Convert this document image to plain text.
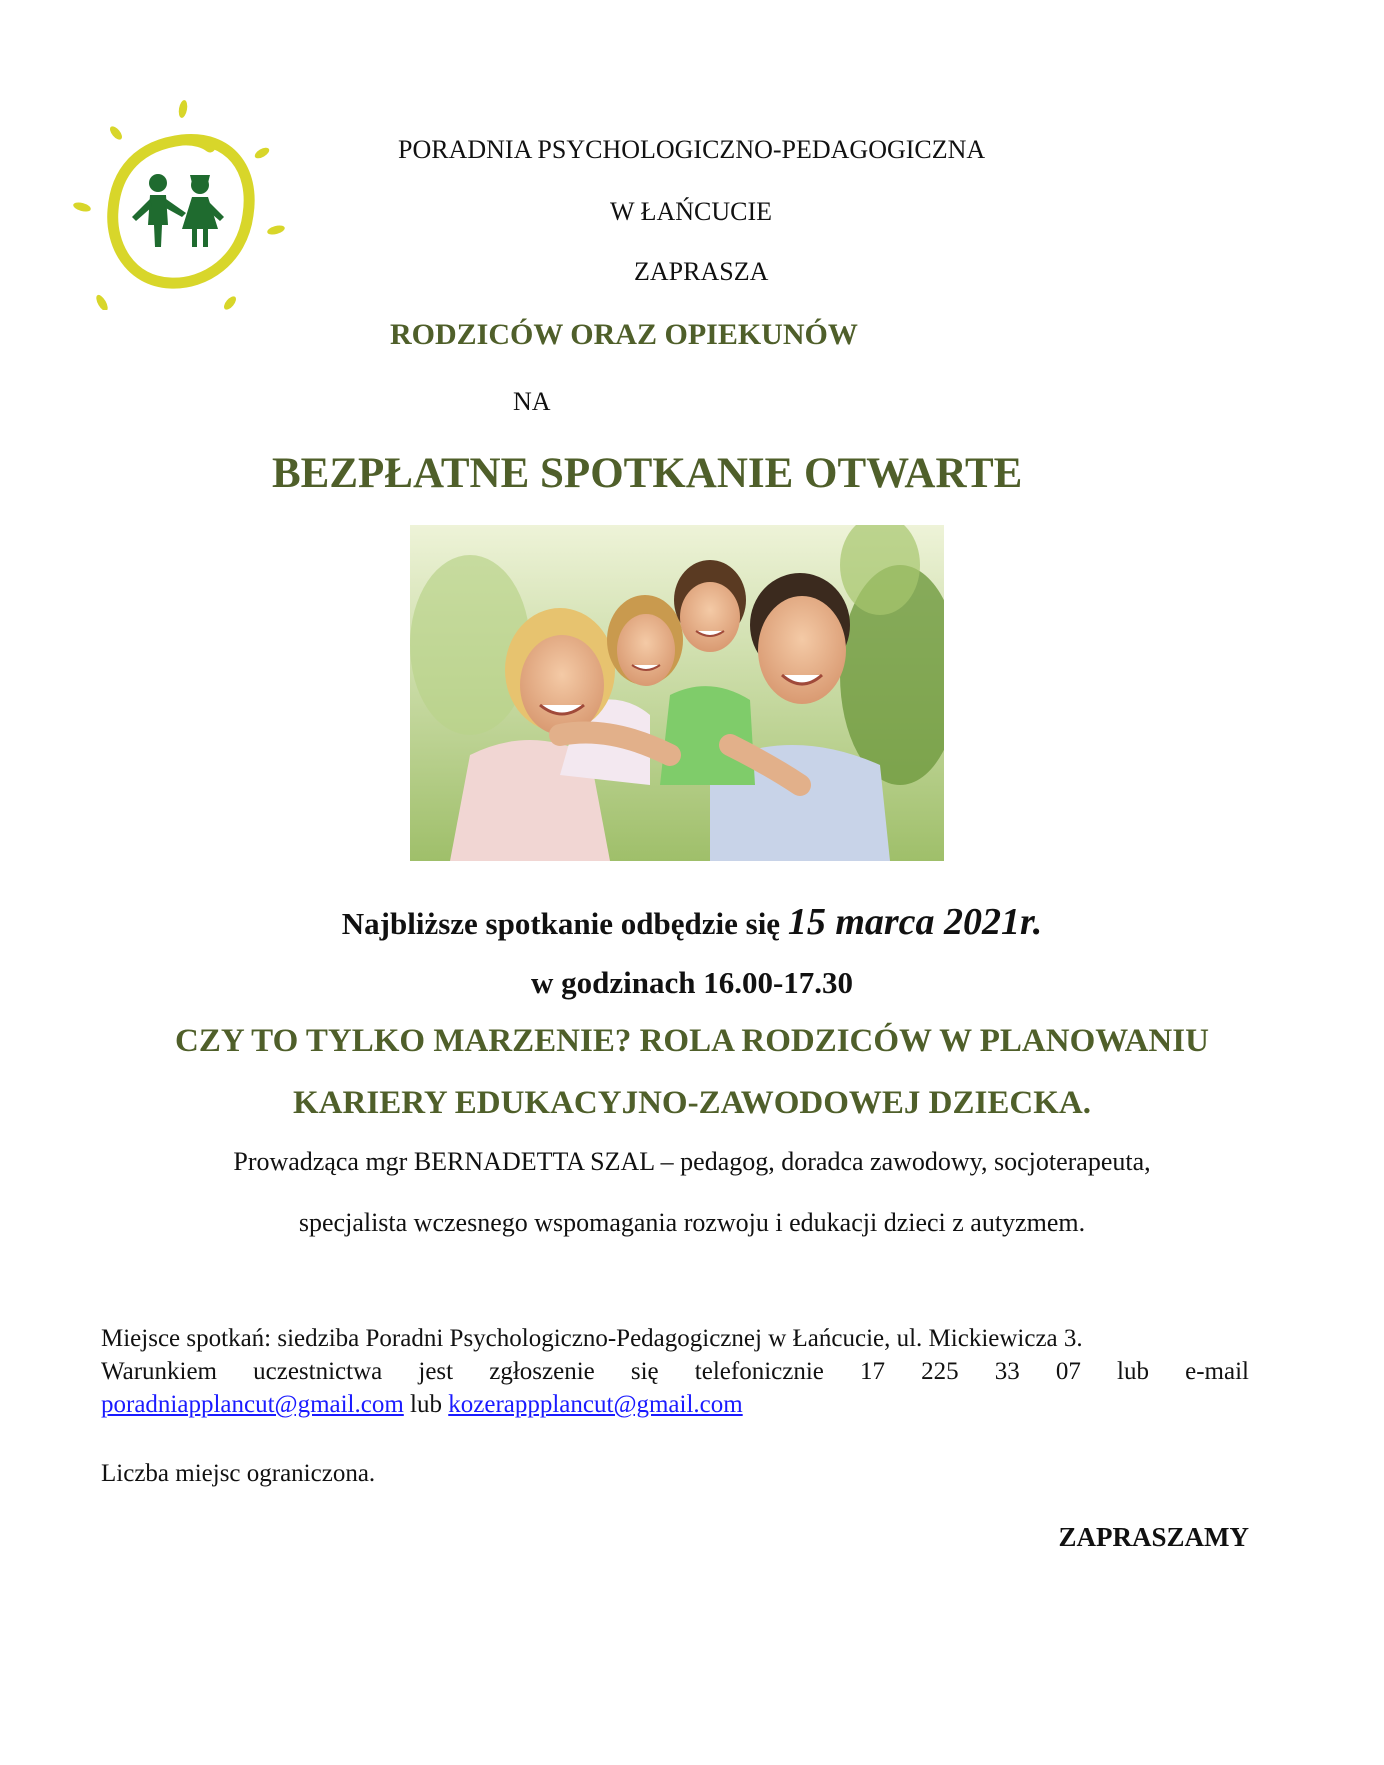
PORADNIA PSYCHOLOGICZNO-PEDAGOGICZNA
W ŁAŃCUCIE
ZAPRASZA
RODZICÓW ORAZ OPIEKUNÓW
NA
BEZPŁATNE SPOTKANIE OTWARTE
Najbliższe spotkanie odbędzie się 15 marca 2021r.
w godzinach 16.00-17.30
CZY TO TYLKO MARZENIE? ROLA RODZICÓW W PLANOWANIU
KARIERY EDUKACYJNO-ZAWODOWEJ DZIECKA.
Prowadząca mgr BERNADETTA SZAL – pedagog, doradca zawodowy, socjoterapeuta,
specjalista wczesnego wspomagania rozwoju i edukacji dzieci z autyzmem.
Miejsce spotkań: siedziba Poradni Psychologiczno-Pedagogicznej w Łańcucie, ul. Mickiewicza 3.
Warunkiem uczestnictwa jest zgłoszenie się telefonicznie 17 225 33 07 lub e-mail
poradniapplancut@gmail.com lub kozerappplancut@gmail.com
Liczba miejsc ograniczona.
ZAPRASZAMY
